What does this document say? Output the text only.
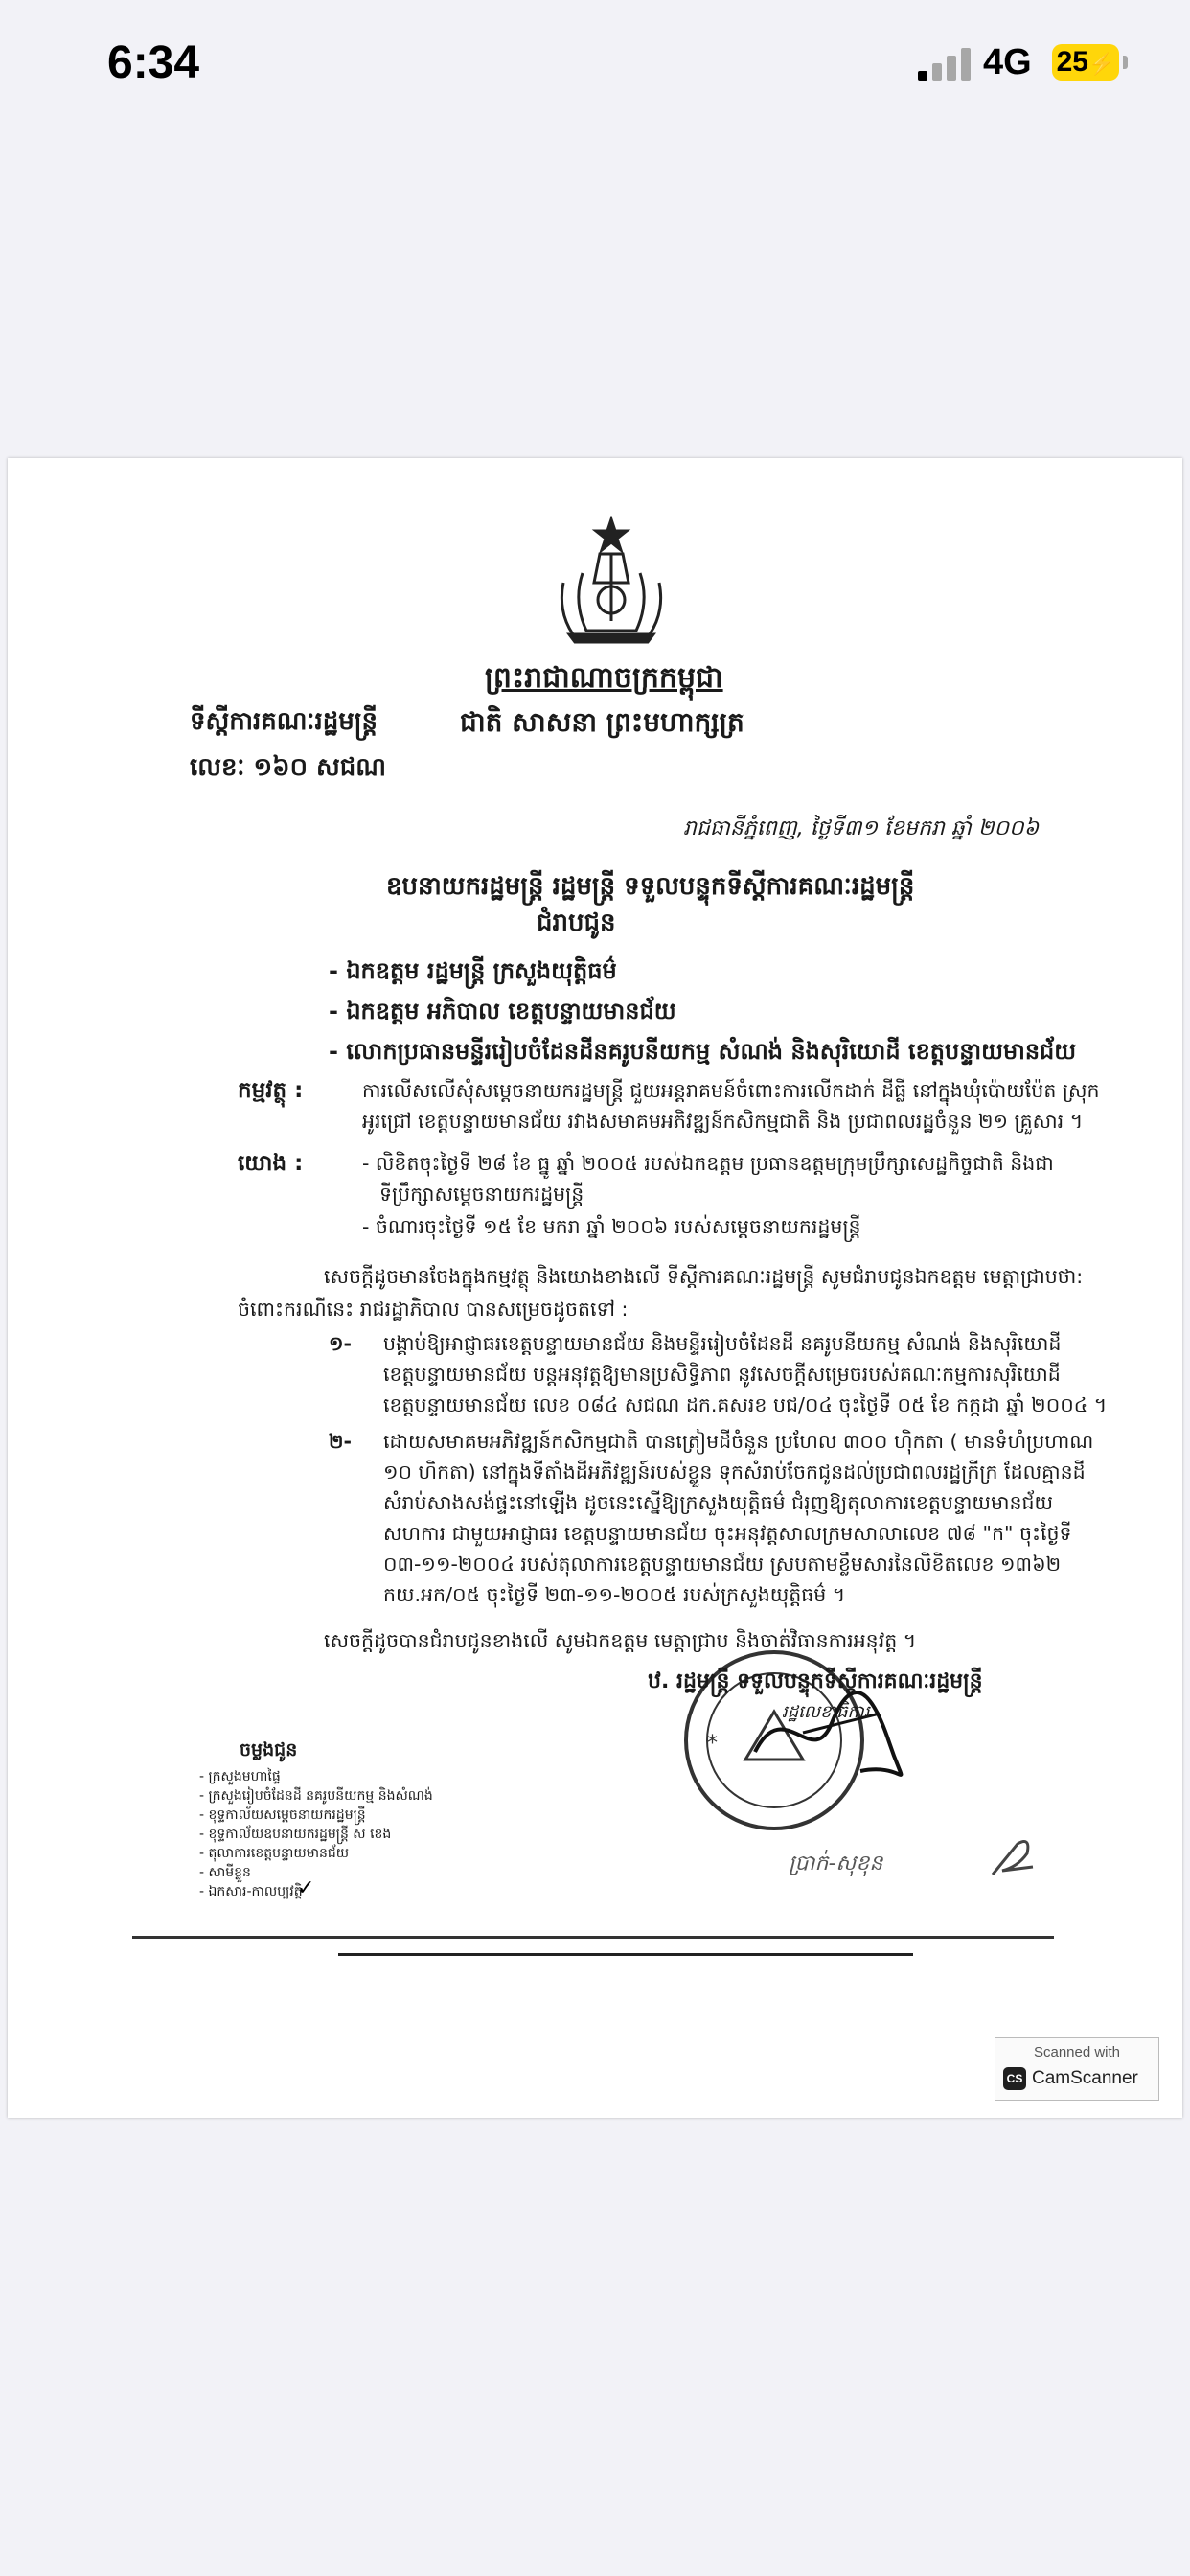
6:34	4G 25⚡
ព្រះរាជាណាចក្រកម្ពុជា
ជាតិ សាសនា ព្រះមហាក្សត្រ
ទីស្តីការគណៈរដ្ឋមន្ត្រី
លេខៈ ១៦០ សជណ
រាជធានីភ្នំពេញ, ថ្ងៃទី៣១ ខែមករា ឆ្នាំ ២០០៦
ឧបនាយករដ្ឋមន្ត្រី រដ្ឋមន្ត្រី ទទួលបន្ទុកទីស្តីការគណៈរដ្ឋមន្ត្រី
ជំរាបជូន
- ឯកឧត្តម រដ្ឋមន្ត្រី ក្រសួងយុត្តិធម៌
- ឯកឧត្តម អភិបាល ខេត្តបន្ទាយមានជ័យ
- លោកប្រធានមន្ទីររៀបចំដែនដីនគរូបនីយកម្ម សំណង់ និងសុរិយោដី ខេត្តបន្ទាយមានជ័យ
កម្មវត្ថុ :	ការលើសលើសុំសម្តេចនាយករដ្ឋមន្ត្រី ជួយអន្តរាគមន៍ចំពោះការលើកដាក់ ដីធ្លី នៅក្នុងឃុំប៉ោយប៉ែត ស្រុក
អូរជ្រៅ ខេត្តបន្ទាយមានជ័យ រវាងសមាគមអភិវឌ្ឍន៍កសិកម្មជាតិ និង ប្រជាពលរដ្ឋចំនួន ២១ គ្រួសារ ។
យោង :	- លិខិតចុះថ្ងៃទី ២៨ ខែ ធ្នូ ឆ្នាំ ២០០៥ របស់ឯកឧត្តម ប្រធានឧត្តមក្រុមប្រឹក្សាសេដ្ឋកិច្ចជាតិ និងជា
ទីប្រឹក្សាសម្តេចនាយករដ្ឋមន្ត្រី
- ចំណារចុះថ្ងៃទី ១៥ ខែ មករា ឆ្នាំ ២០០៦ របស់សម្តេចនាយករដ្ឋមន្ត្រី
សេចក្តីដូចមានចែងក្នុងកម្មវត្ថុ និងយោងខាងលើ ទីស្តីការគណៈរដ្ឋមន្ត្រី សូមជំរាបជូនឯកឧត្តម មេត្តាជ្រាបថា:
ចំពោះករណីនេះ រាជរដ្ឋាភិបាល បានសម្រេចដូចតទៅ :
១- បង្គាប់ឱ្យអាជ្ញាធរខេត្តបន្ទាយមានជ័យ និងមន្ទីររៀបចំដែនដី នគរូបនីយកម្ម សំណង់ និងសុរិយោដី
ខេត្តបន្ទាយមានជ័យ បន្តអនុវត្តឱ្យមានប្រសិទ្ធិភាព នូវសេចក្តីសម្រេចរបស់គណៈកម្មការសុរិយោដី
ខេត្តបន្ទាយមានជ័យ លេខ ០៨៤ សជណ ដក.គសរខ បជ/០៤ ចុះថ្ងៃទី ០៥ ខែ កក្កដា ឆ្នាំ ២០០៤ ។
២- ដោយសមាគមអភិវឌ្ឍន៍កសិកម្មជាតិ បានត្រៀមដីចំនួន ប្រហែល ៣០០ ហ៊ិកតា ( មានទំហំប្រហាណ
១០ ហិកតា) នៅក្នុងទីតាំងដីអភិវឌ្ឍន៍របស់ខ្លួន ទុកសំរាប់ចែកជូនដល់ប្រជាពលរដ្ឋក្រីក្រ ដែលគ្មានដី
សំរាប់សាងសង់ផ្ទះនៅឡើង ដូចនេះស្នើឱ្យក្រសួងយុត្តិធម៌ ជំរុញឱ្យតុលាការខេត្តបន្ទាយមានជ័យ
សហការ ជាមួយអាជ្ញាធរ ខេត្តបន្ទាយមានជ័យ ចុះអនុវត្តសាលក្រមសាលាលេខ ៧៨ "ក" ចុះថ្ងៃទី
០៣-១១-២០០៤ របស់តុលាការខេត្តបន្ទាយមានជ័យ ស្របតាមខ្លឹមសារនៃលិខិតលេខ ១៣៦២
កយ.អក/០៥ ចុះថ្ងៃទី ២៣-១១-២០០៥ របស់ក្រសួងយុត្តិធម៌ ។
សេចក្តីដូចបានជំរាបជូនខាងលើ សូមឯកឧត្តម មេត្តាជ្រាប និងចាត់វិធានការអនុវត្ត ។
*
ឋ. រដ្ឋមន្ត្រី ទទួលបន្ទុកទីស្តីការគណៈរដ្ឋមន្ត្រី
រដ្ឋលេខាធិការ
ប្រាក់-សុខុន
ចម្លងជូន
- ក្រសួងមហាផ្ទៃ
- ក្រសួងរៀបចំដែនដី នគរូបនីយកម្ម និងសំណង់
- ខុទ្ទកាល័យសម្តេចនាយករដ្ឋមន្ត្រី
- ខុទ្ទកាល័យឧបនាយករដ្ឋមន្ត្រី ស ខេង
- តុលាការខេត្តបន្ទាយមានជ័យ
- សាមីខ្លួន
- ឯកសារ-កាលប្បវត្តិ
✓
Scanned with
CS CamScanner
